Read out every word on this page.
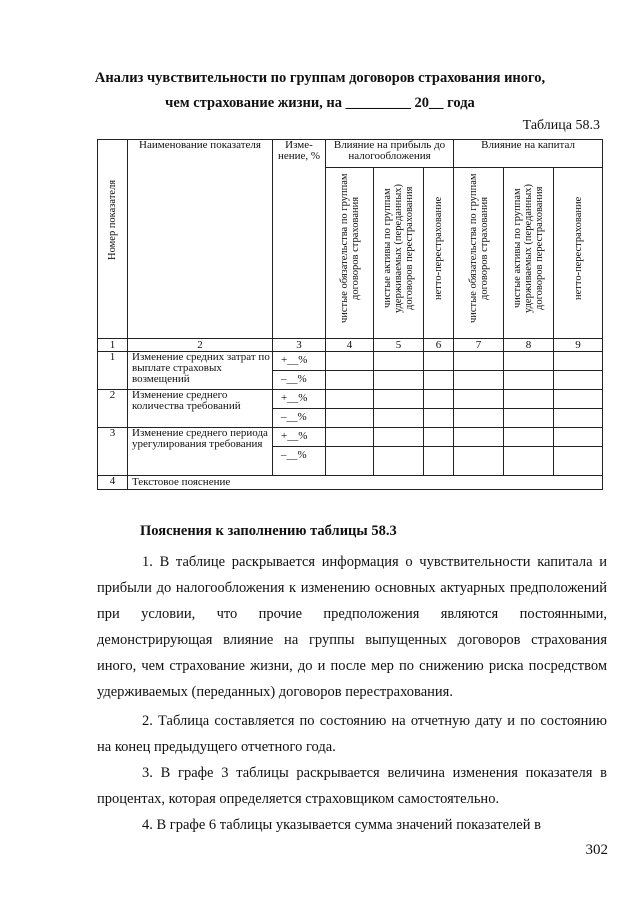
Анализ чувствительности по группам договоров страхования иного,

чем страхование жизни, на _________ 20__ года

Таблица 58.3
Номер показателя	Наименование показателя	Изме-нение, %	Влияние на прибыль до налогообложения			Влияние на капитал		

			чистые обязательства по группам договоров страхования	чистые активы по группам удерживаемых (переданных) договоров перестрахования	нетто-перестрахование	чистые обязательства по группам договоров страхования	чистые активы по группам удерживаемых (переданных) договоров перестрахования	нетто-перестрахование

1	2	3	4	5	6	7	8	9
1	Изменение средних затрат по выплате страховых возмещений	+__%						
		–__%						
2	Изменение среднего количества требований	+__%						
		–__%						
3	Изменение среднего периода урегулирования требования	+__%						
		–__%						
4	Текстовое пояснение							

Пояснения к заполнению таблицы 58.3

1. В таблице раскрывается информация о чувствительности капитала и прибыли до налогообложения к изменению основных актуарных предположений при условии, что прочие предположения являются постоянными, демонстрирующая влияние на группы выпущенных договоров страхования иного, чем страхование жизни, до и после мер по снижению риска посредством удерживаемых (переданных) договоров перестрахования.

2. Таблица составляется по состоянию на отчетную дату и по состоянию на конец предыдущего отчетного года.

3. В графе 3 таблицы раскрывается величина изменения показателя в процентах, которая определяется страховщиком самостоятельно.

4. В графе 6 таблицы указывается сумма значений показателей в

302
